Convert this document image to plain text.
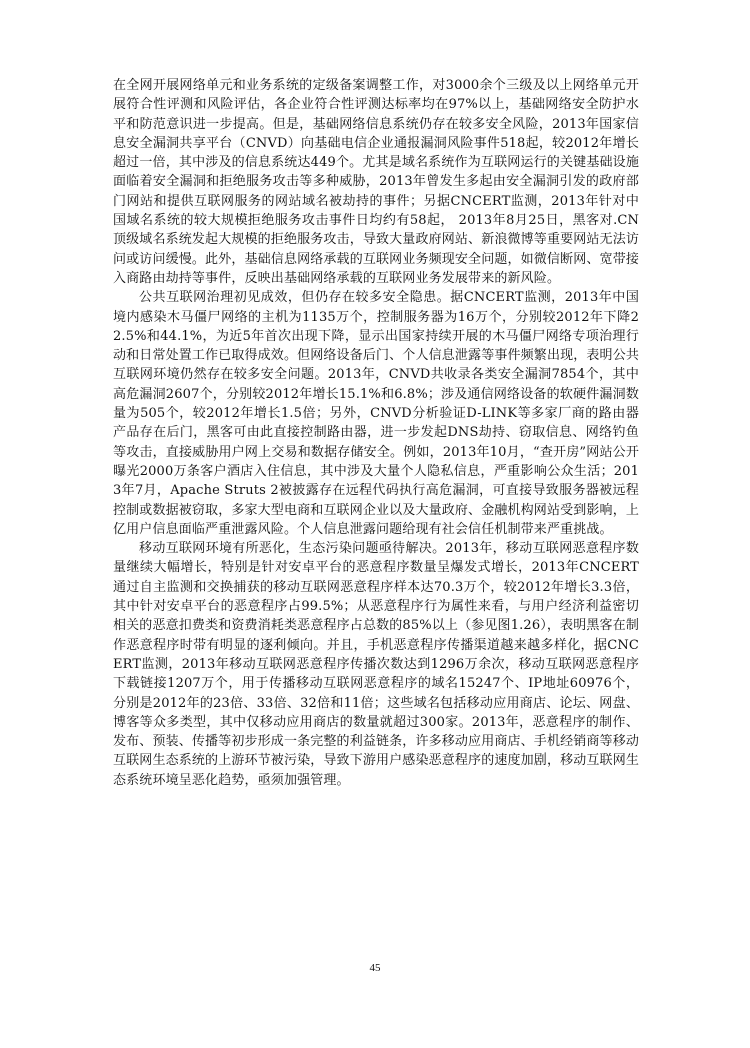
在全网开展网络单元和业务系统的定级备案调整工作，对3000余个三级及以上网络单元开展符合性评测和风险评估，各企业符合性评测达标率均在97%以上，基础网络安全防护水平和防范意识进一步提高。但是，基础网络信息系统仍存在较多安全风险，2013年国家信息安全漏洞共享平台（CNVD）向基础电信企业通报漏洞风险事件518起，较2012年增长超过一倍，其中涉及的信息系统达449个。尤其是域名系统作为互联网运行的关键基础设施面临着安全漏洞和拒绝服务攻击等多种威胁，2013年曾发生多起由安全漏洞引发的政府部门网站和提供互联网服务的网站域名被劫持的事件；另据CNCERT监测，2013年针对中国域名系统的较大规模拒绝服务攻击事件日均约有58起， 2013年8月25日，黑客对.CN顶级域名系统发起大规模的拒绝服务攻击，导致大量政府网站、新浪微博等重要网站无法访问或访问缓慢。此外，基础信息网络承载的互联网业务频现安全问题，如微信断网、宽带接入商路由劫持等事件，反映出基础网络承载的互联网业务发展带来的新风险。

公共互联网治理初见成效，但仍存在较多安全隐患。据CNCERT监测，2013年中国境内感染木马僵尸网络的主机为1135万个，控制服务器为16万个，分别较2012年下降22.5%和44.1%，为近5年首次出现下降，显示出国家持续开展的木马僵尸网络专项治理行动和日常处置工作已取得成效。但网络设备后门、个人信息泄露等事件频繁出现，表明公共互联网环境仍然存在较多安全问题。2013年，CNVD共收录各类安全漏洞7854个，其中高危漏洞2607个，分别较2012年增长15.1%和6.8%；涉及通信网络设备的软硬件漏洞数量为505个，较2012年增长1.5倍；另外，CNVD分析验证D-LINK等多家厂商的路由器产品存在后门，黑客可由此直接控制路由器，进一步发起DNS劫持、窃取信息、网络钓鱼等攻击，直接威胁用户网上交易和数据存储安全。例如，2013年10月，“查开房”网站公开曝光2000万条客户酒店入住信息，其中涉及大量个人隐私信息，严重影响公众生活；2013年7月，Apache Struts 2被披露存在远程代码执行高危漏洞，可直接导致服务器被远程控制或数据被窃取，多家大型电商和互联网企业以及大量政府、金融机构网站受到影响，上亿用户信息面临严重泄露风险。个人信息泄露问题给现有社会信任机制带来严重挑战。

移动互联网环境有所恶化，生态污染问题亟待解决。2013年，移动互联网恶意程序数量继续大幅增长，特别是针对安卓平台的恶意程序数量呈爆发式增长，2013年CNCERT通过自主监测和交换捕获的移动互联网恶意程序样本达70.3万个，较2012年增长3.3倍，其中针对安卓平台的恶意程序占99.5%；从恶意程序行为属性来看，与用户经济利益密切相关的恶意扣费类和资费消耗类恶意程序占总数的85%以上（参见图1.26），表明黑客在制作恶意程序时带有明显的逐利倾向。并且，手机恶意程序传播渠道越来越多样化，据CNCERT监测，2013年移动互联网恶意程序传播次数达到1296万余次，移动互联网恶意程序下载链接1207万个，用于传播移动互联网恶意程序的域名15247个、IP地址60976个，分别是2012年的23倍、33倍、32倍和11倍；这些域名包括移动应用商店、论坛、网盘、博客等众多类型，其中仅移动应用商店的数量就超过300家。2013年，恶意程序的制作、发布、预装、传播等初步形成一条完整的利益链条，许多移动应用商店、手机经销商等移动互联网生态系统的上游环节被污染，导致下游用户感染恶意程序的速度加剧，移动互联网生态系统环境呈恶化趋势，亟须加强管理。

45
